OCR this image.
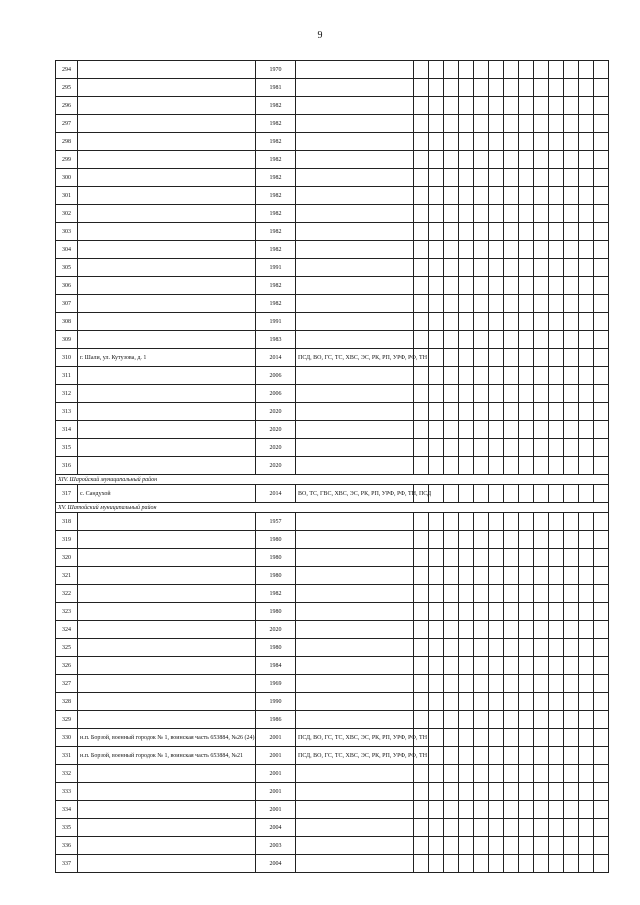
9
294		1970														
295		1981														
296		1982														
297		1982														
298		1982														
299		1982														
300		1982														
301		1982														
302		1982														
303		1982														
304		1982														
305		1991														
306		1982														
307		1982														
308		1991														
309		1983														
310	г. Шали, ул. Кутузова, д. 1	2014	ПСД, ВО, ГС, ТС, ХВС, ЭС, РК, РП, УРФ, РФ, ТН													
311		2006														
312		2006														
313		2020														
314		2020														
315		2020														
316		2020														
XIV. Шаройский муниципальный район																
317	с. Сандухой	2014	ВО, ТС, ГВС, ХВС, ЭС, РК, РП, УРФ, РФ, ТН, ПСД													
XV. Шатойский муниципальный район																
318		1957														
319		1980														
320		1980														
321		1980														
322		1982														
323		1980														
324		2020														
325		1980														
326		1984														
327		1969														
328		1990														
329		1986														
330	н.п. Борзой, военный городок № 1, воинская часть 653884, №26 (24)	2001	ПСД, ВО, ГС, ТС, ХВС, ЭС, РК, РП, УРФ, РФ, ТН													
331	н.п. Борзой, военный городок № 1, воинская часть 653884, №21	2001	ПСД, ВО, ГС, ТС, ХВС, ЭС, РК, РП, УРФ, РФ, ТН													
332		2001														
333		2001														
334		2001														
335		2004														
336		2003														
337		2004														
